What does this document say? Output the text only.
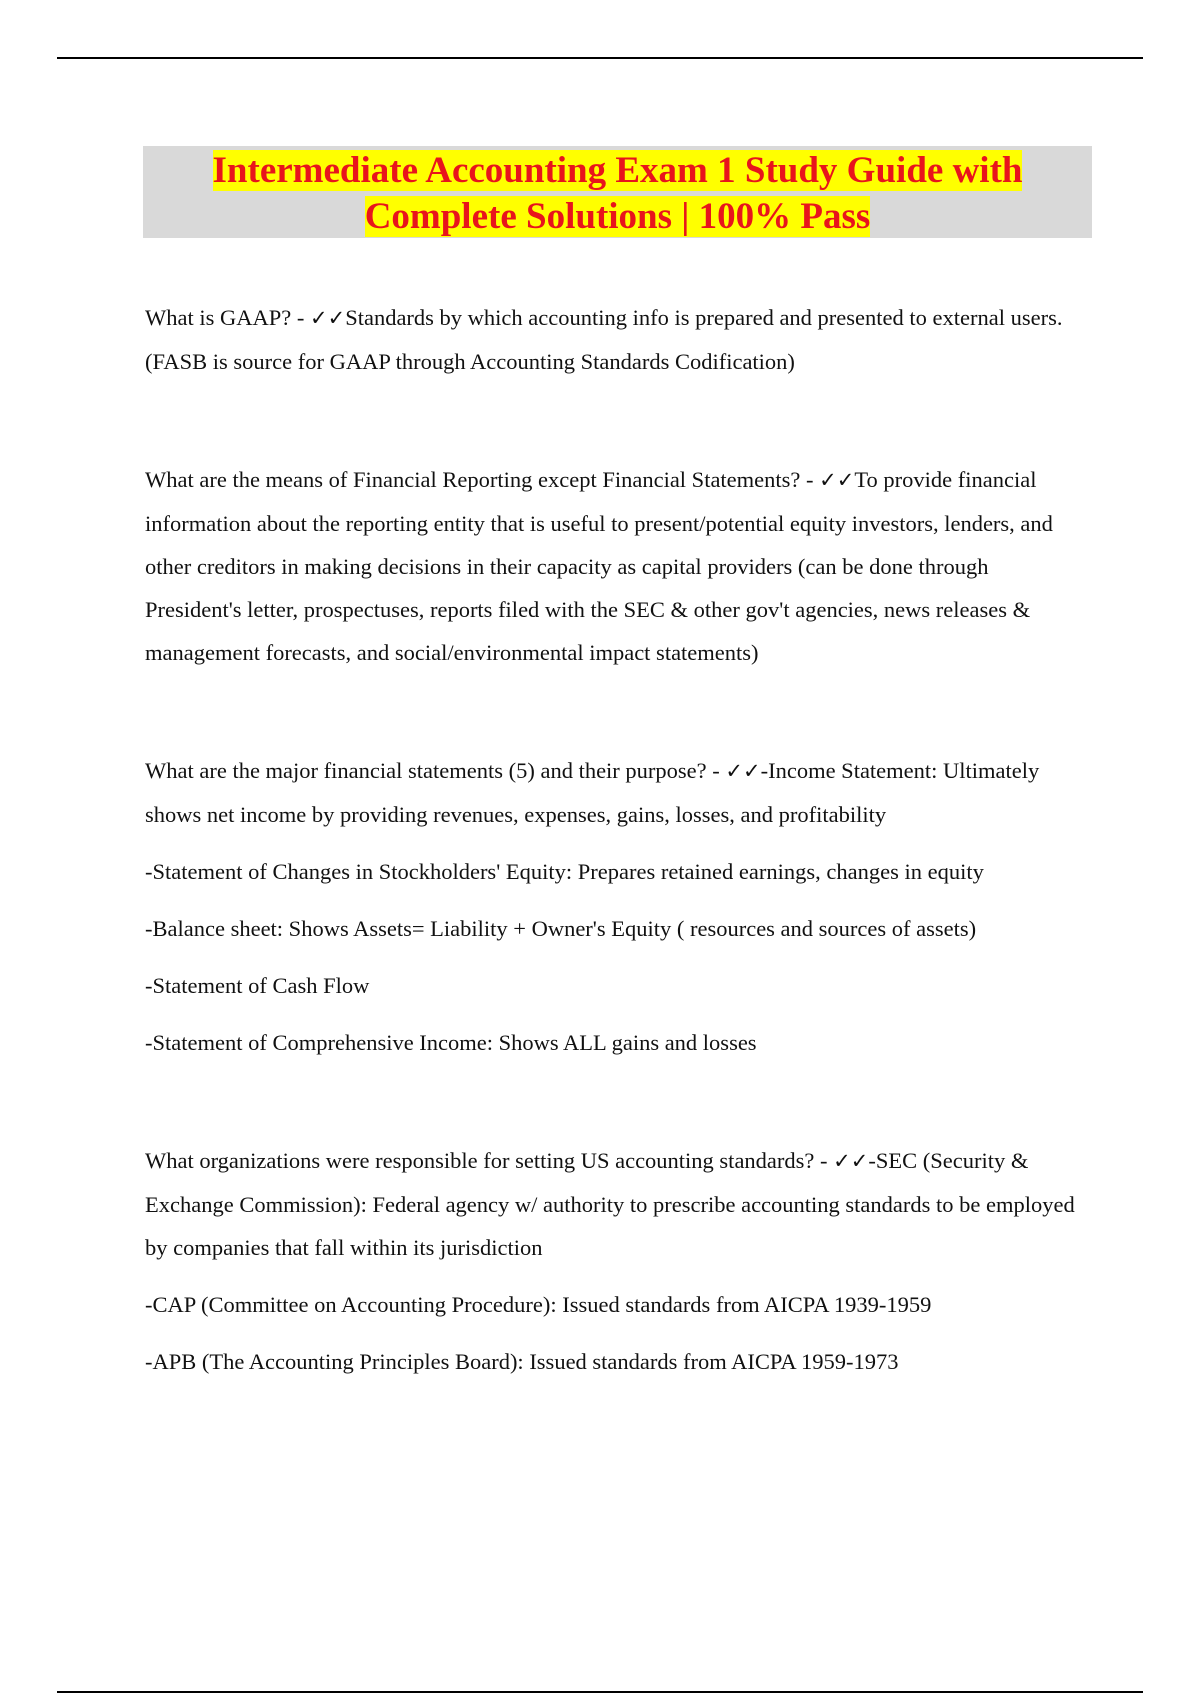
Intermediate Accounting Exam 1 Study Guide with
Complete Solutions | 100% Pass

What is GAAP? - ✓✓Standards by which accounting info is prepared and presented to external users. (FASB is source for GAAP through Accounting Standards Codification)

What are the means of Financial Reporting except Financial Statements? - ✓✓To provide financial information about the reporting entity that is useful to present/potential equity investors, lenders, and other creditors in making decisions in their capacity as capital providers (can be done through President's letter, prospectuses, reports filed with the SEC & other gov't agencies, news releases & management forecasts, and social/environmental impact statements)

What are the major financial statements (5) and their purpose? - ✓✓-Income Statement: Ultimately shows net income by providing revenues, expenses, gains, losses, and profitability

-Statement of Changes in Stockholders' Equity: Prepares retained earnings, changes in equity

-Balance sheet: Shows Assets= Liability + Owner's Equity ( resources and sources of assets)

-Statement of Cash Flow

-Statement of Comprehensive Income: Shows ALL gains and losses

What organizations were responsible for setting US accounting standards? - ✓✓-SEC (Security & Exchange Commission): Federal agency w/ authority to prescribe accounting standards to be employed by companies that fall within its jurisdiction

-CAP (Committee on Accounting Procedure): Issued standards from AICPA 1939-1959

-APB (The Accounting Principles Board): Issued standards from AICPA 1959-1973
